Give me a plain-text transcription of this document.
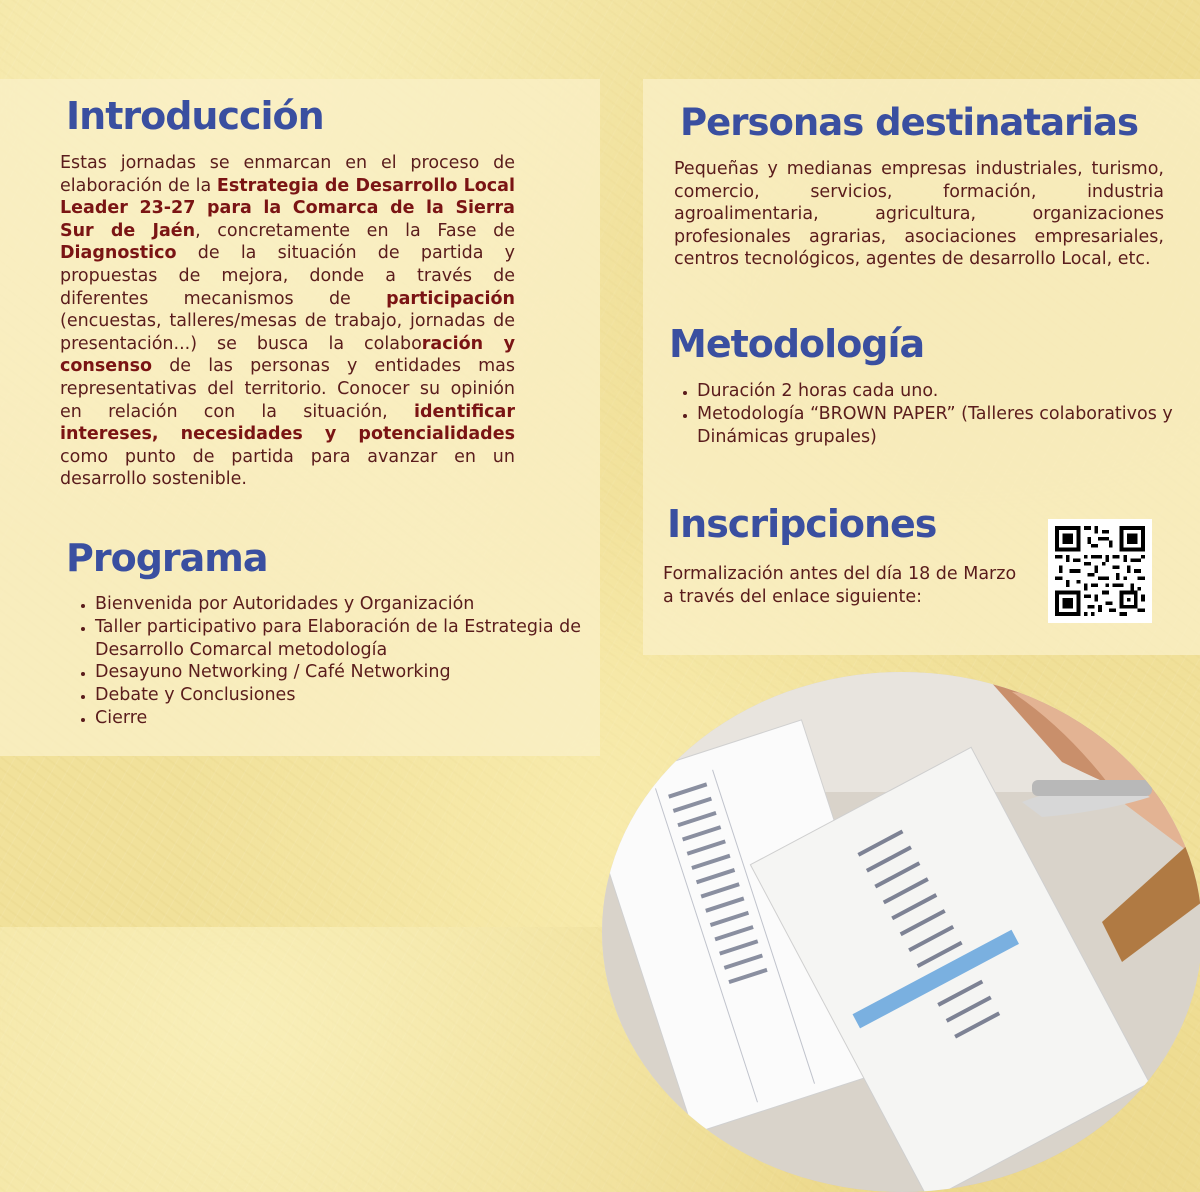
Introducción

Estas jornadas se enmarcan en el proceso de elaboración de la Estrategia de Desarrollo Local Leader 23-27 para la Comarca de la Sierra Sur de Jaén, concretamente en la Fase de Diagnostico de la situación de partida y propuestas de mejora, donde a través de diferentes mecanismos de participación (encuestas, talleres/mesas de trabajo, jornadas de presentación...) se busca la colaboración y consenso de las personas y entidades mas representativas del territorio. Conocer su opinión en relación con la situación, identificar intereses, necesidades y potencialidades como punto de partida para avanzar en un desarrollo sostenible.

Programa
• Bienvenida por Autoridades y Organización
• Taller participativo para Elaboración de la Estrategia de Desarrollo Comarcal metodología
• Desayuno Networking / Café Networking
• Debate y Conclusiones
• Cierre
Personas destinatarias

Pequeñas y medianas empresas industriales, turismo, comercio, servicios, formación, industria agroalimentaria, agricultura, organizaciones profesionales agrarias, asociaciones empresariales, centros tecnológicos, agentes de desarrollo Local, etc.

Metodología
• Duración 2 horas cada uno.
• Metodología “BROWN PAPER” (Talleres colaborativos y Dinámicas grupales)
Inscripciones

Formalización antes del día 18 de Marzo a través del enlace siguiente:
